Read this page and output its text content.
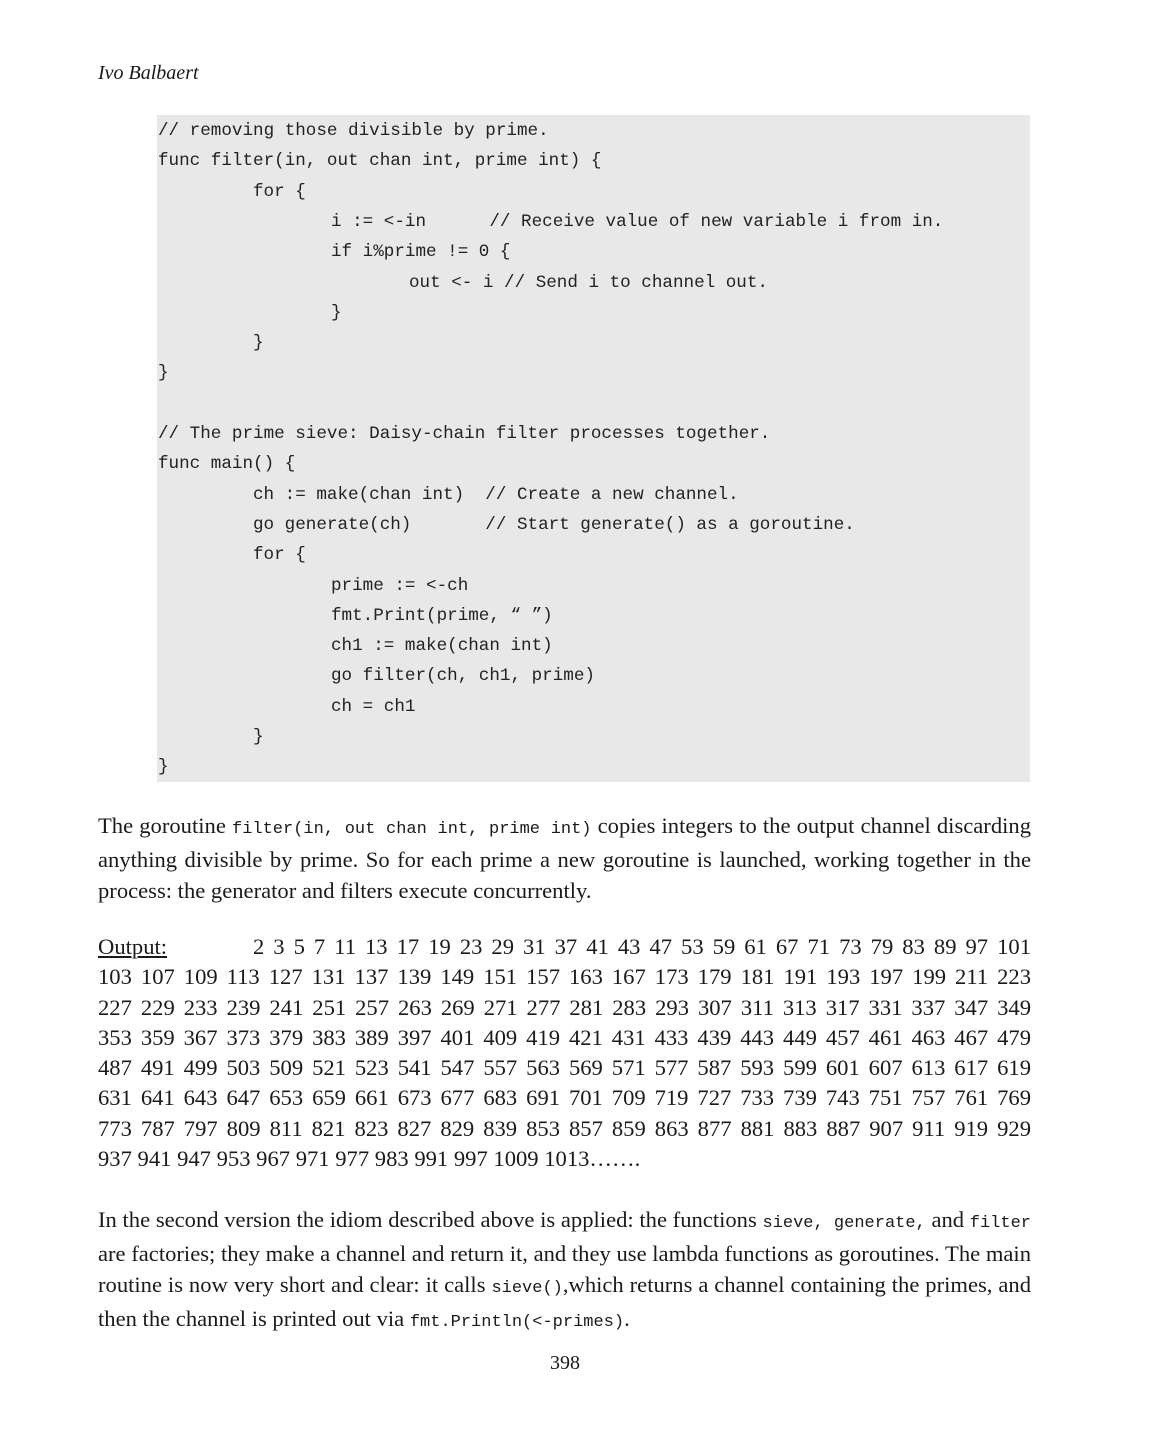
Ivo Balbaert
// removing those divisible by prime.
func filter(in, out chan int, prime int) {
for {
i := <-in      // Receive value of new variable i from in.
if i%prime != 0 {
out <- i // Send i to channel out.
}
}
}
// The prime sieve: Daisy-chain filter processes together.
func main() {
ch := make(chan int)  // Create a new channel.
go generate(ch)       // Start generate() as a goroutine.
for {
prime := <-ch
fmt.Print(prime, “ ”)
ch1 := make(chan int)
go filter(ch, ch1, prime)
ch = ch1
}
}
The goroutine filter(in, out chan int, prime int) copies integers to the output channel discarding anything divisible by prime. So for each prime a new goroutine is launched, working together in the process: the generator and filters execute concurrently.
Output:	2 3 5 7 11 13 17 19 23 29 31 37 41 43 47 53 59 61 67 71 73 79 83 89 97 101
103 107 109 113 127 131 137 139 149 151 157 163 167 173 179 181 191 193 197 199 211 223
227 229 233 239 241 251 257 263 269 271 277 281 283 293 307 311 313 317 331 337 347 349
353 359 367 373 379 383 389 397 401 409 419 421 431 433 439 443 449 457 461 463 467 479
487 491 499 503 509 521 523 541 547 557 563 569 571 577 587 593 599 601 607 613 617 619
631 641 643 647 653 659 661 673 677 683 691 701 709 719 727 733 739 743 751 757 761 769
773 787 797 809 811 821 823 827 829 839 853 857 859 863 877 881 883 887 907 911 919 929
937 941 947 953 967 971 977 983 991 997 1009 1013…….
In the second version the idiom described above is applied: the functions sieve, generate, and filter are factories; they make a channel and return it, and they use lambda functions as goroutines. The main routine is now very short and clear: it calls sieve(),which returns a channel containing the primes, and then the channel is printed out via fmt.Println(<-primes).
398
